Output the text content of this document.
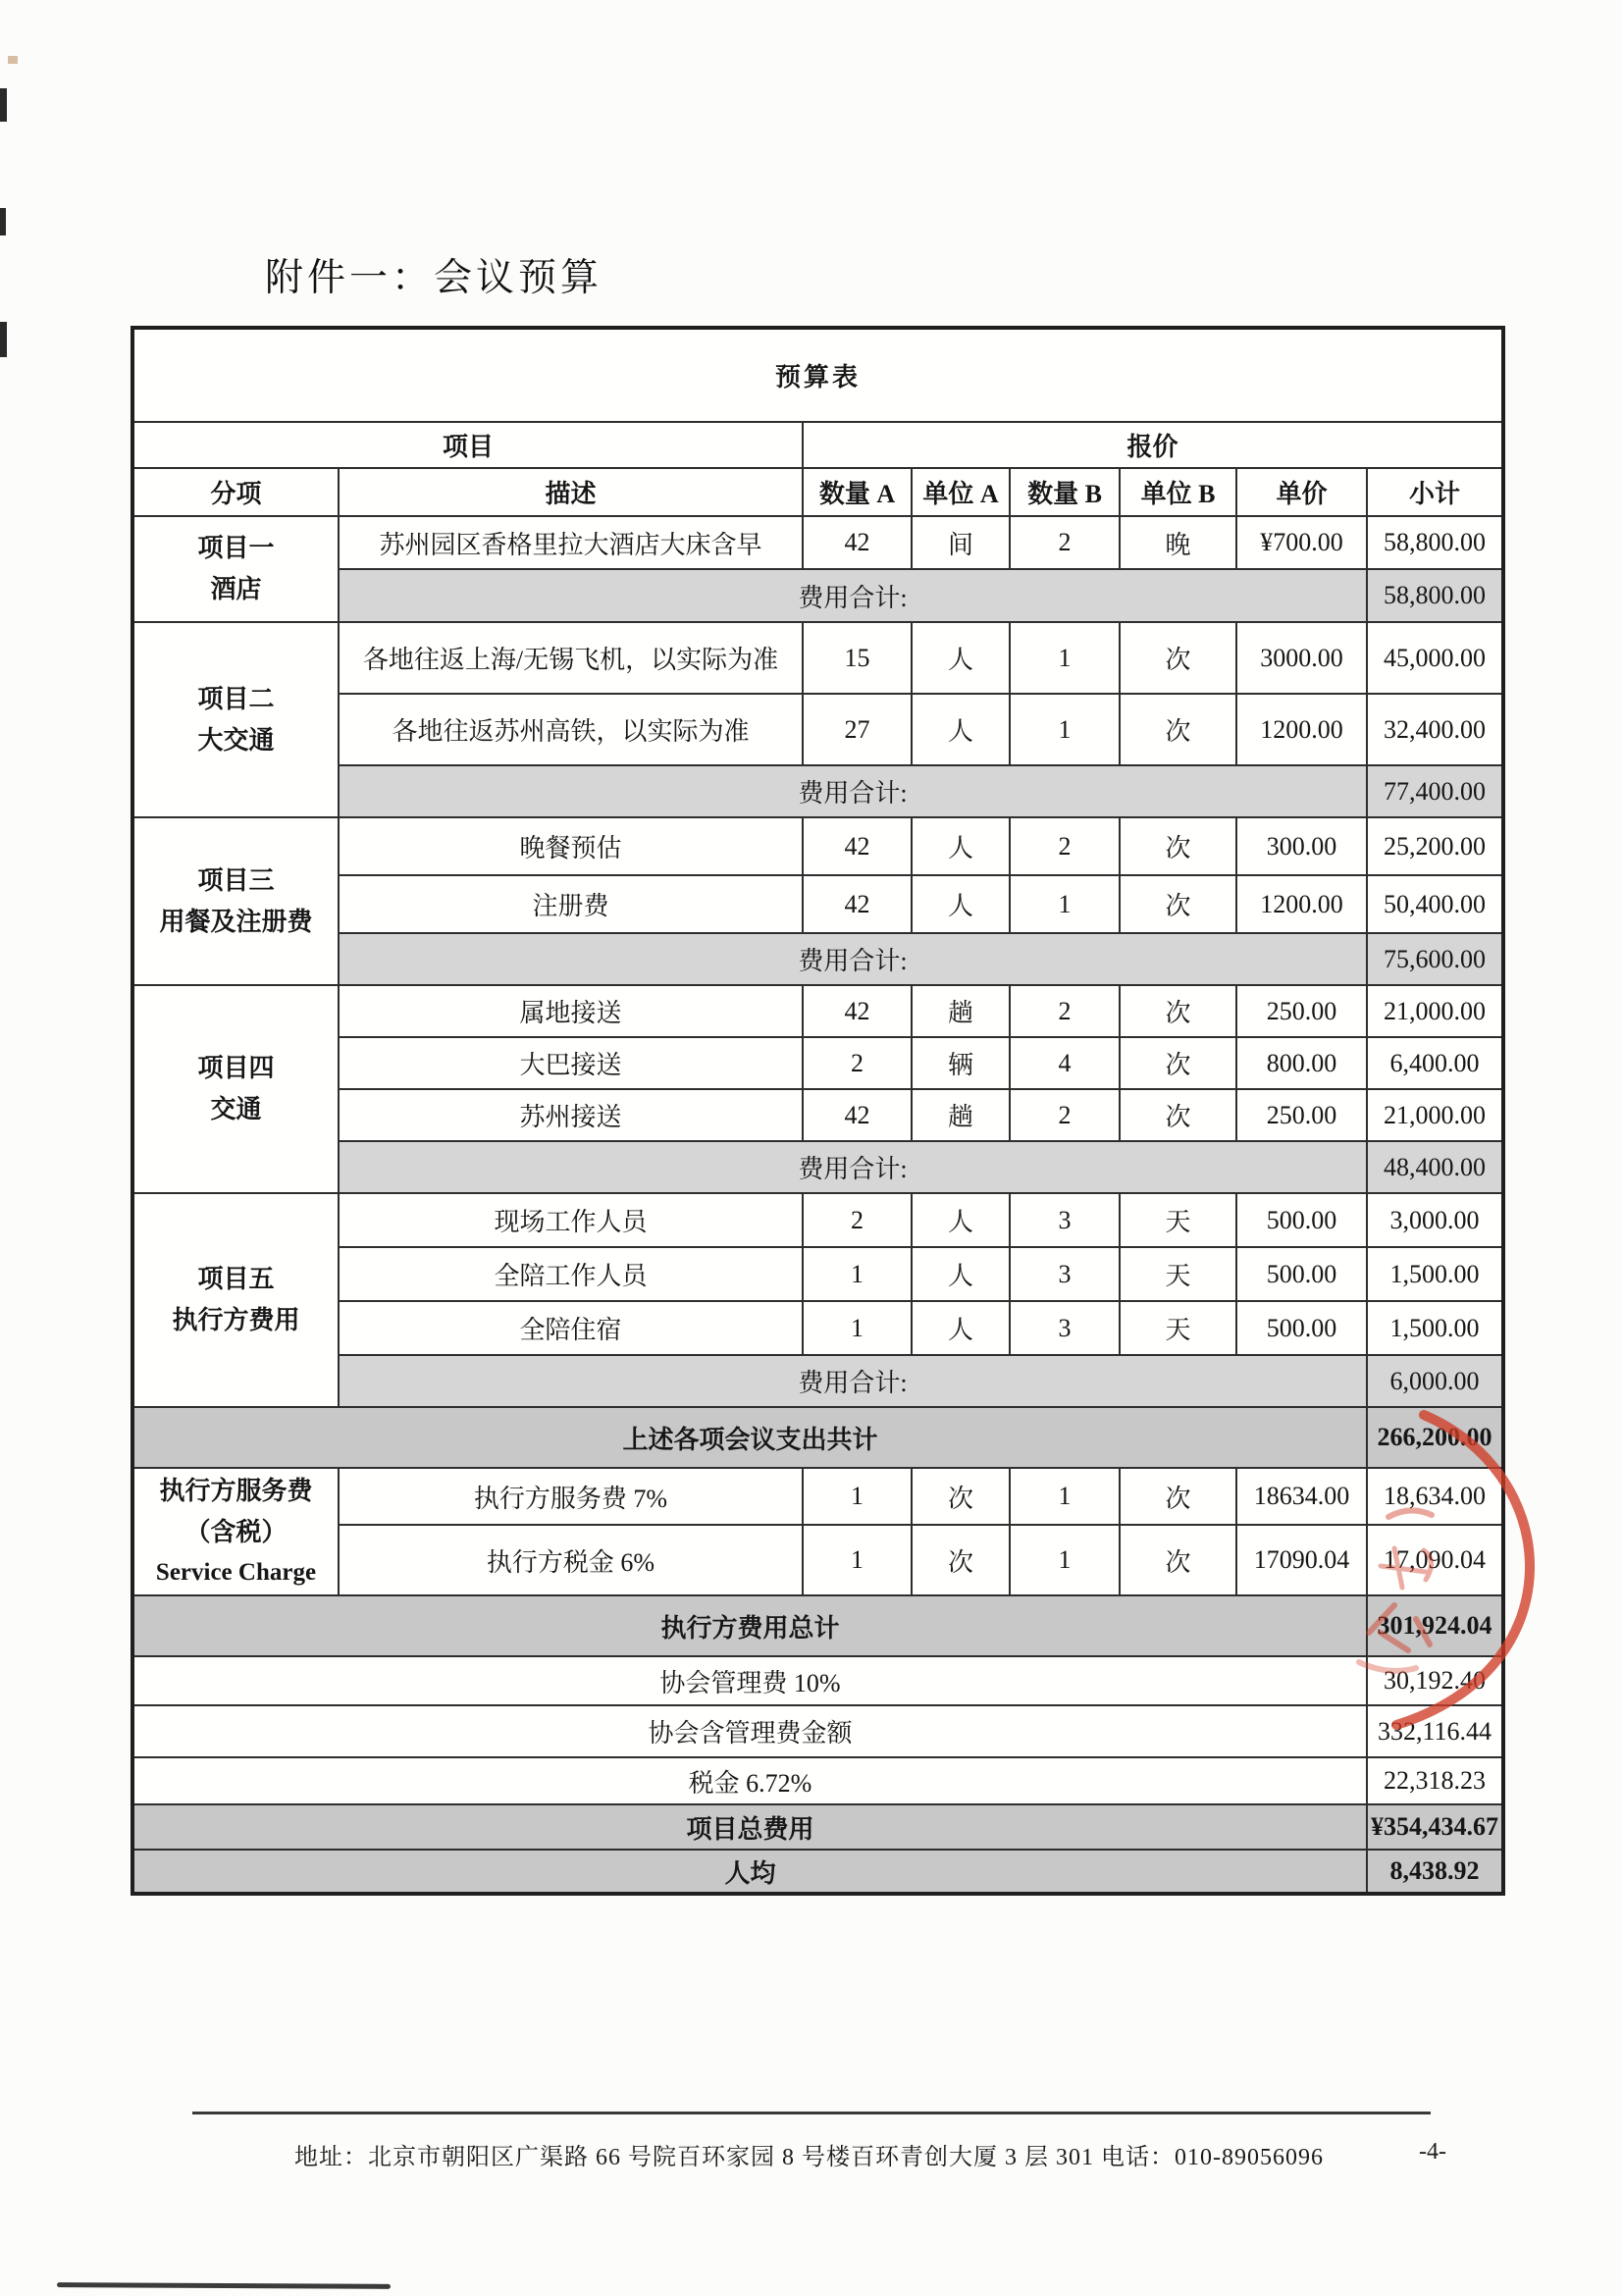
附件一：会议预算
预算表							
项目		报价					
分项	描述	数量 A	单位 A	数量 B	单位 B	单价	小计

项目一
酒店	苏州园区香格里拉大酒店大床含早	42	间	2	晚	¥700.00	58,800.00
	费用合计:						58,800.00

项目二
大交通	各地往返上海/无锡飞机，以实际为准	15	人	1	次	3000.00	45,000.00
	各地往返苏州高铁，以实际为准	27	人	1	次	1200.00	32,400.00
	费用合计:						77,400.00

项目三
用餐及注册费	晚餐预估	42	人	2	次	300.00	25,200.00
	注册费	42	人	1	次	1200.00	50,400.00
	费用合计:						75,600.00

项目四
交通	属地接送	42	趟	2	次	250.00	21,000.00
	大巴接送	2	辆	4	次	800.00	6,400.00
	苏州接送	42	趟	2	次	250.00	21,000.00
	费用合计:						48,400.00

项目五
执行方费用	现场工作人员	2	人	3	天	500.00	3,000.00
	全陪工作人员	1	人	3	天	500.00	1,500.00
	全陪住宿	1	人	3	天	500.00	1,500.00
	费用合计:						6,000.00
上述各项会议支出共计							266,200.00

执行方服务费
（含税）
Service Charge	执行方服务费 7%	1	次	1	次	18634.00	18,634.00
	执行方税金 6%	1	次	1	次	17090.04	17,090.04
执行方费用总计							301,924.04
协会管理费 10%							30,192.40
协会含管理费金额							332,116.44
税金 6.72%							22,318.23
项目总费用							¥354,434.67
人均							8,438.92
地址：北京市朝阳区广渠路 66 号院百环家园 8 号楼百环青创大厦 3 层 301 电话：010-89056096	-4-
